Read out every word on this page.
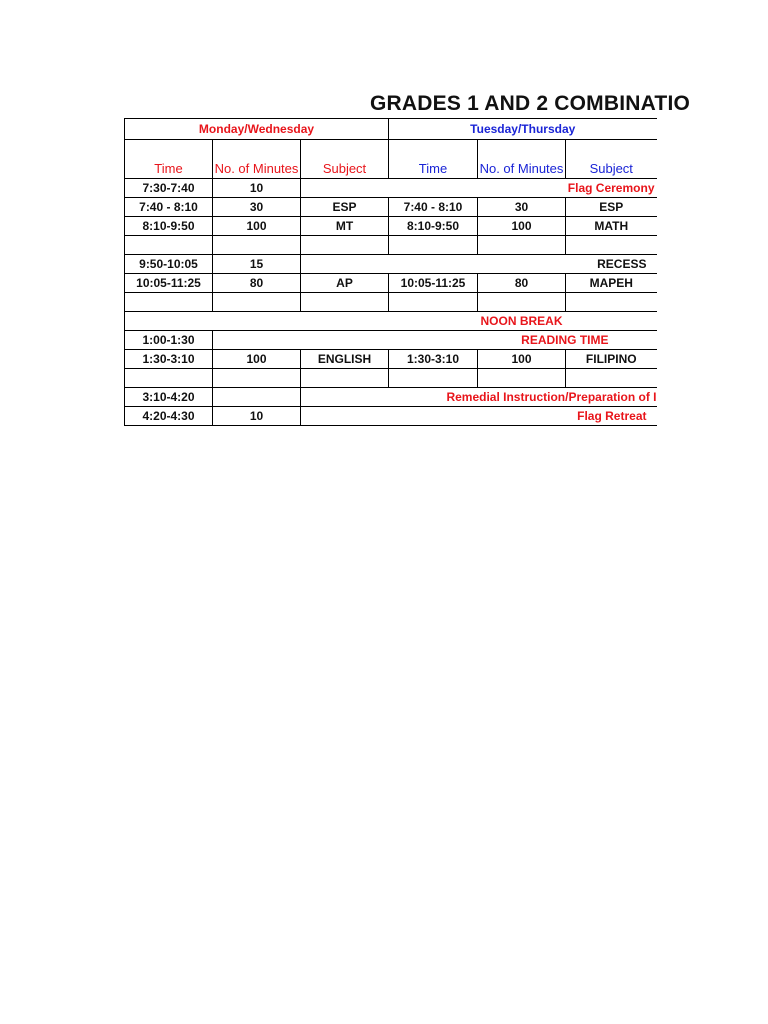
GRADES 1 AND 2 COMBINATIO
Monday/Wednesday			Tuesday/Thursday		
Time	No. of Minutes	Subject	Time	No. of Minutes	Subject
7:30-7:40	10	Flag Ceremony			
7:40 - 8:10	30	ESP	7:40 - 8:10	30	ESP
8:10-9:50	100	MT	8:10-9:50	100	MATH

9:50-10:05	15	RECESS			
10:05-11:25	80	AP	10:05-11:25	80	MAPEH

NOON BREAK					
1:00-1:30	READING TIME				
1:30-3:10	100	ENGLISH	1:30-3:10	100	FILIPINO

3:10-4:20		Remedial Instruction/Preparation of I			
4:20-4:30	10	Flag Retreat			
